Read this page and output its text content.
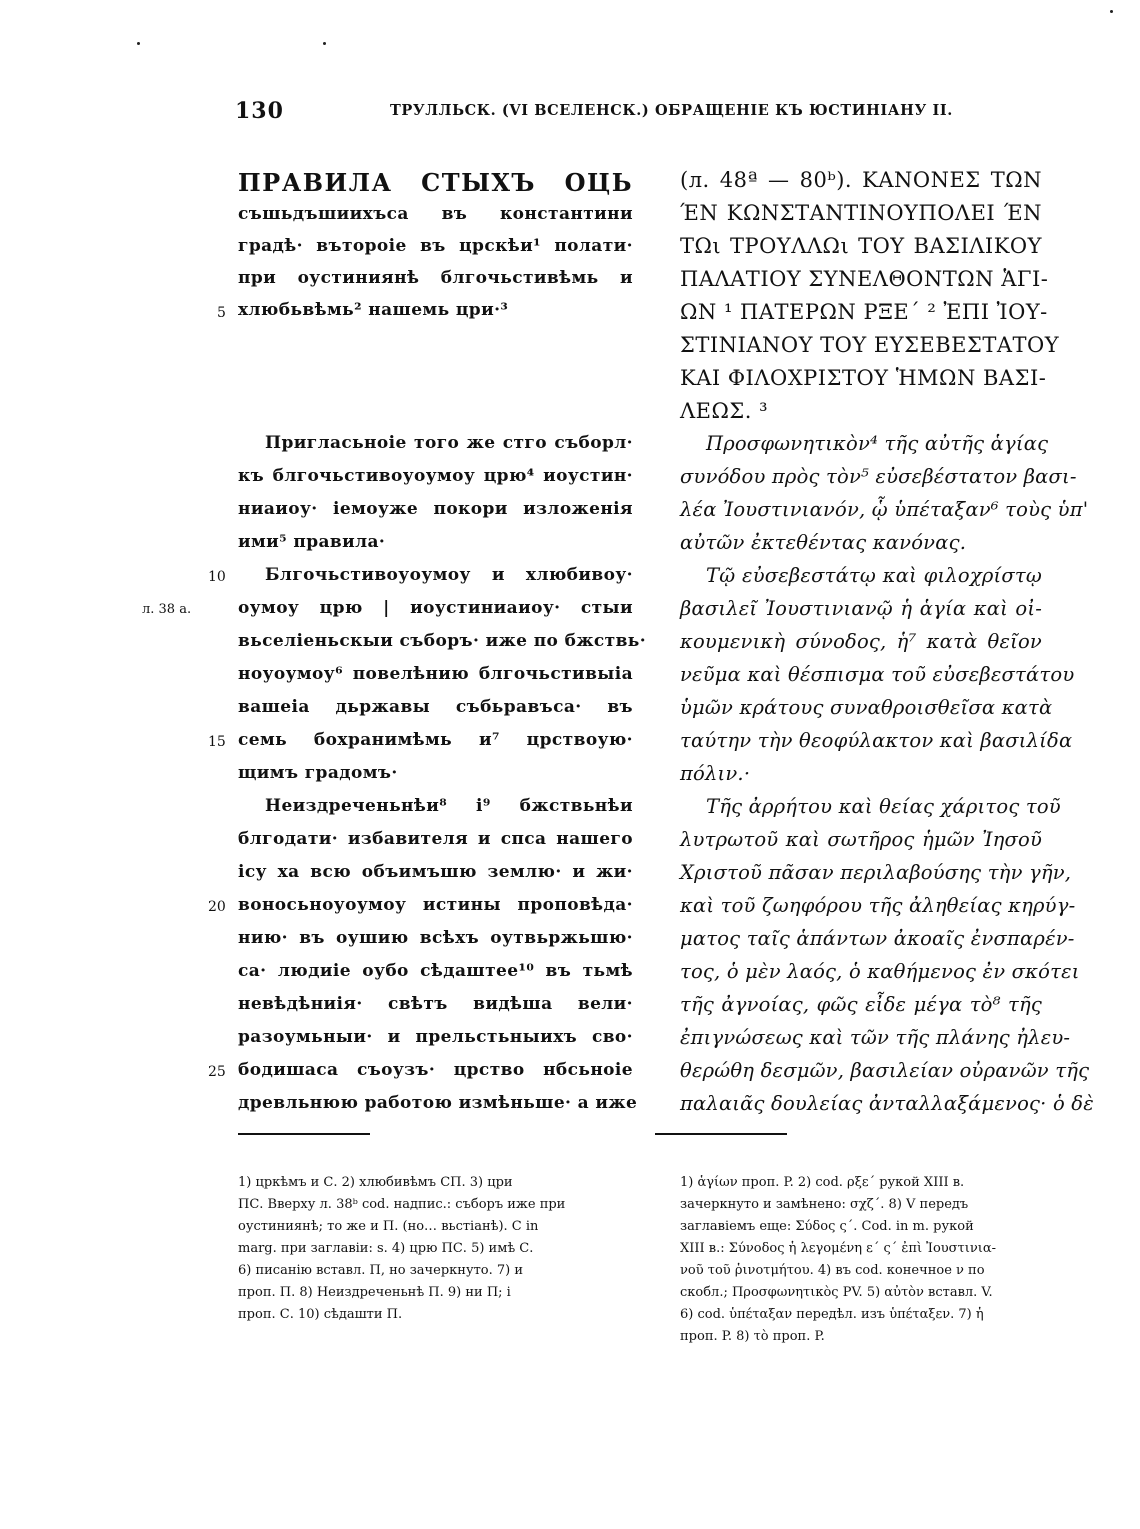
130	ТРУЛЛЬСК. (VI ВСЕЛЕНСК.) ОБРАЩЕНІЕ КЪ ЮСТИНІАНУ II.
ПРАВИЛА СТЫХЪ ОЦЬ
съшьдъшиихъса въ константини
градѣ· вътороіе въ црскѣи¹ полати·
при оустиниянѣ блгочьстивѣмь и
хлюбьвѣмь² нашемь цри·³
Пригласьноіе того же стго съборл·
къ блгочьстивоуоумоу црю⁴ иоустин·
ниаиоу· іемоуже покори изложенія
ими⁵ правила·
Блгочьстивоуоумоу и хлюбивоу·
оумоу црю | иоустиниаиоу· стыи
вьселіеньскыи съборъ· иже по бжствь·
ноуоумоу⁶ повелѣнию блгочьстивыіа
вашеіа дьржавы събьравъса· въ
семь бохранимѣмь и⁷ црствоую·
щимъ градомъ·
Неиздреченьнѣи⁸ і⁹ бжствьнѣи
блгодати· избавителя и спса нашего
ісу ха всю объимъшю землю· и жи·
воносьноуоумоу истины проповѣда·
нию· въ оушию всѣхъ оутвьржьшю·
са· людиіе оубо сѣдаштее¹⁰ въ тьмѣ
невѣдѣниія· свѣтъ видѣша вели·
разоумьныи· и прельстьныихъ сво·
бодишаса съоузъ· црство нбсьноіе
древльнюю работою измѣньше· а иже
5
10
15
20
25
л. 38 а.
(л. 48ª — 80ᵇ). ΚΑΝΟΝΕΣ ΤΩΝ
ΈΝ ΚΩΝΣΤΑΝΤΙΝΟΥΠΟΛΕΙ ΈΝ
ΤΩι ΤΡΟΥΛΛΩι ΤΟΥ ΒΑΣΙΛΙΚΟΥ
ΠΑΛΑΤΙΟΥ ΣΥΝΕΛΘΟΝΤΩΝ ἉΓΙ-
ΩΝ ¹ ΠΑΤΕΡΩΝ ΡΞΕ΄ ² ἘΠΙ ἸΟΥ-
ΣΤΙΝΙΑΝΟΥ ΤΟΥ ΕΥΣΕΒΕΣΤΑΤΟΥ
ΚΑΙ ΦΙΛΟΧΡΙΣΤΟΥ ἩΜΩΝ ΒΑΣΙ-
ΛΕΩΣ. ³
Προσφωνητικὸν⁴ τῆς αὐτῆς ἁγίας
συνόδου πρὸς τὸν⁵ εὐσεβέστατον βασι-
λέα Ἰουστινιανόν, ᾧ ὑπέταξαν⁶ τοὺς ὑπ'
αὐτῶν ἐκτεθέντας κανόνας.
Τῷ εὐσεβεστάτῳ καὶ φιλοχρίστῳ
βασιλεῖ Ἰουστινιανῷ ἡ ἁγία καὶ οἰ-
κουμενικὴ σύνοδος, ἡ⁷ κατὰ θεῖον
νεῦμα καὶ θέσπισμα τοῦ εὐσεβεστάτου
ὑμῶν κράτους συναθροισθεῖσα κατὰ
ταύτην τὴν θεοφύλακτον καὶ βασιλίδα
πόλιν.·
Τῆς ἀρρήτου καὶ θείας χάριτος τοῦ
λυτρωτοῦ καὶ σωτῆρος ἡμῶν Ἰησοῦ
Χριστοῦ πᾶσαν περιλαβούσης τὴν γῆν,
καὶ τοῦ ζωηφόρου τῆς ἀληθείας κηρύγ-
ματος ταῖς ἁπάντων ἀκοαῖς ἐνσπαρέν-
τος, ὁ μὲν λαός, ὁ καθήμενος ἐν σκότει
τῆς ἀγνοίας, φῶς εἶδε μέγα τὸ⁸ τῆς
ἐπιγνώσεως καὶ τῶν τῆς πλάνης ἠλευ-
θερώθη δεσμῶν, βασιλείαν οὐρανῶν τῆς
παλαιᾶς δουλείας ἀνταλλαξάμενος· ὁ δὲ
1) цркѣмъ и С. 2) хлюбивѣмъ СП. 3) цри
ПС. Вверху л. 38ᵇ cod. надпис.: съборъ иже при
оустиниянѣ; то же и П. (но… вьстіанѣ). С in
marg. при заглавіи: ѕ. 4) црю ПС. 5) имѣ С.
6) писанію вставл. П, но зачеркнуто. 7) и
проп. П. 8) Неиздреченьнѣ П. 9) ни П; і
проп. С. 10) сѣдашти П.
1) ἁγίων проп. P. 2) cod. ρξε΄ рукой XIII в.
зачеркнуто и замѣнено: σχζ΄. 8) V передъ
заглавіемъ еще: Σύδος ς΄. Cod. in m. рукой
XIII в.: Σύνοδος ἡ λεγομένη ε΄ ς΄ ἐπὶ Ἰουστινια-
νοῦ τοῦ ῥινοτμήτου. 4) въ cod. конечное ν по
скобл.; Προσφωνητικὸς PV. 5) αὐτὸν вставл. V.
6) cod. ὑπέταξαν передѣл. изъ ὑπέταξεν. 7) ἡ
проп. P. 8) τὸ проп. P.
